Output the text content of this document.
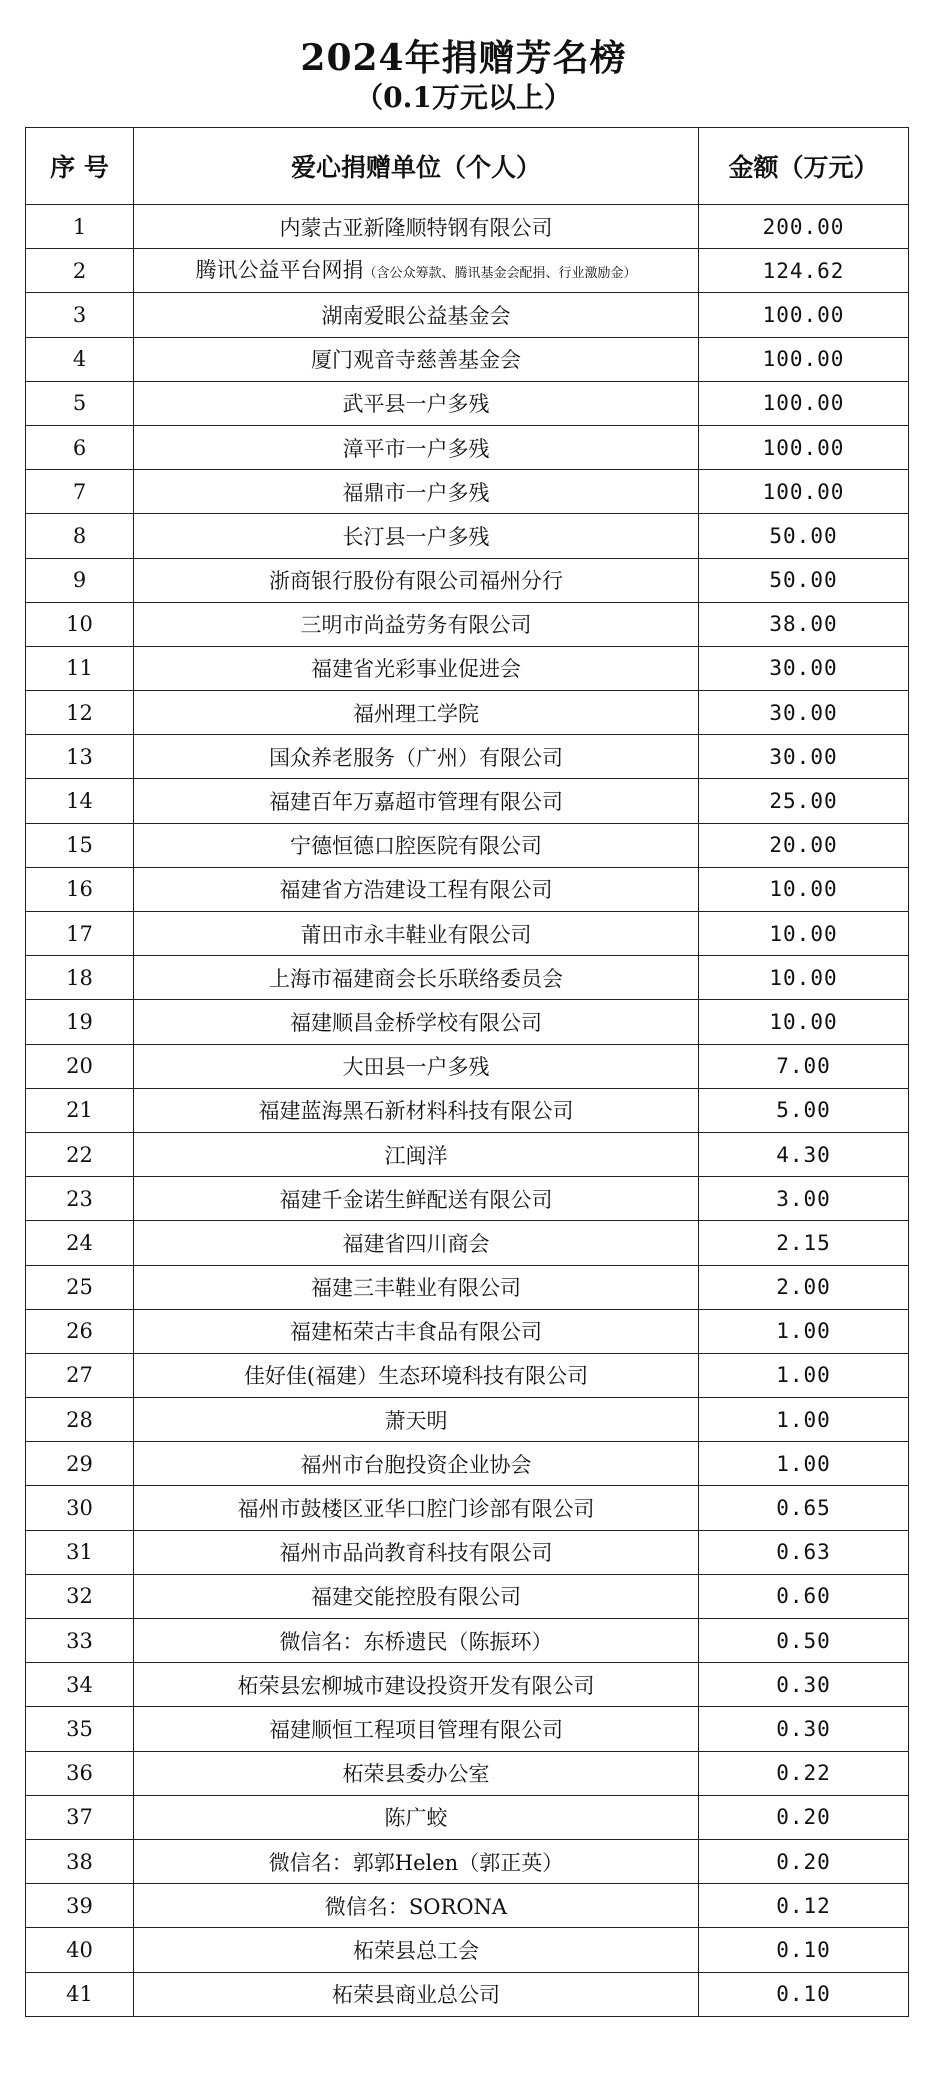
2024年捐赠芳名榜
（0.1万元以上）
序 号	爱心捐赠单位（个人）	金额（万元）
1	内蒙古亚新隆顺特钢有限公司	200.00
2	腾讯公益平台网捐（含公众筹款、腾讯基金会配捐、行业激励金）	124.62
3	湖南爱眼公益基金会	100.00
4	厦门观音寺慈善基金会	100.00
5	武平县一户多残	100.00
6	漳平市一户多残	100.00
7	福鼎市一户多残	100.00
8	长汀县一户多残	50.00
9	浙商银行股份有限公司福州分行	50.00
10	三明市尚益劳务有限公司	38.00
11	福建省光彩事业促进会	30.00
12	福州理工学院	30.00
13	国众养老服务（广州）有限公司	30.00
14	福建百年万嘉超市管理有限公司	25.00
15	宁德恒德口腔医院有限公司	20.00
16	福建省方浩建设工程有限公司	10.00
17	莆田市永丰鞋业有限公司	10.00
18	上海市福建商会长乐联络委员会	10.00
19	福建顺昌金桥学校有限公司	10.00
20	大田县一户多残	7.00
21	福建蓝海黑石新材料科技有限公司	5.00
22	江闽洋	4.30
23	福建千金诺生鲜配送有限公司	3.00
24	福建省四川商会	2.15
25	福建三丰鞋业有限公司	2.00
26	福建柘荣古丰食品有限公司	1.00
27	佳好佳(福建）生态环境科技有限公司	1.00
28	萧天明	1.00
29	福州市台胞投资企业协会	1.00
30	福州市鼓楼区亚华口腔门诊部有限公司	0.65
31	福州市品尚教育科技有限公司	0.63
32	福建交能控股有限公司	0.60
33	微信名：东桥遗民（陈振环）	0.50
34	柘荣县宏柳城市建设投资开发有限公司	0.30
35	福建顺恒工程项目管理有限公司	0.30
36	柘荣县委办公室	0.22
37	陈广蛟	0.20
38	微信名：郭郭Helen（郭正英）	0.20
39	微信名：SORONA	0.12
40	柘荣县总工会	0.10
41	柘荣县商业总公司	0.10
